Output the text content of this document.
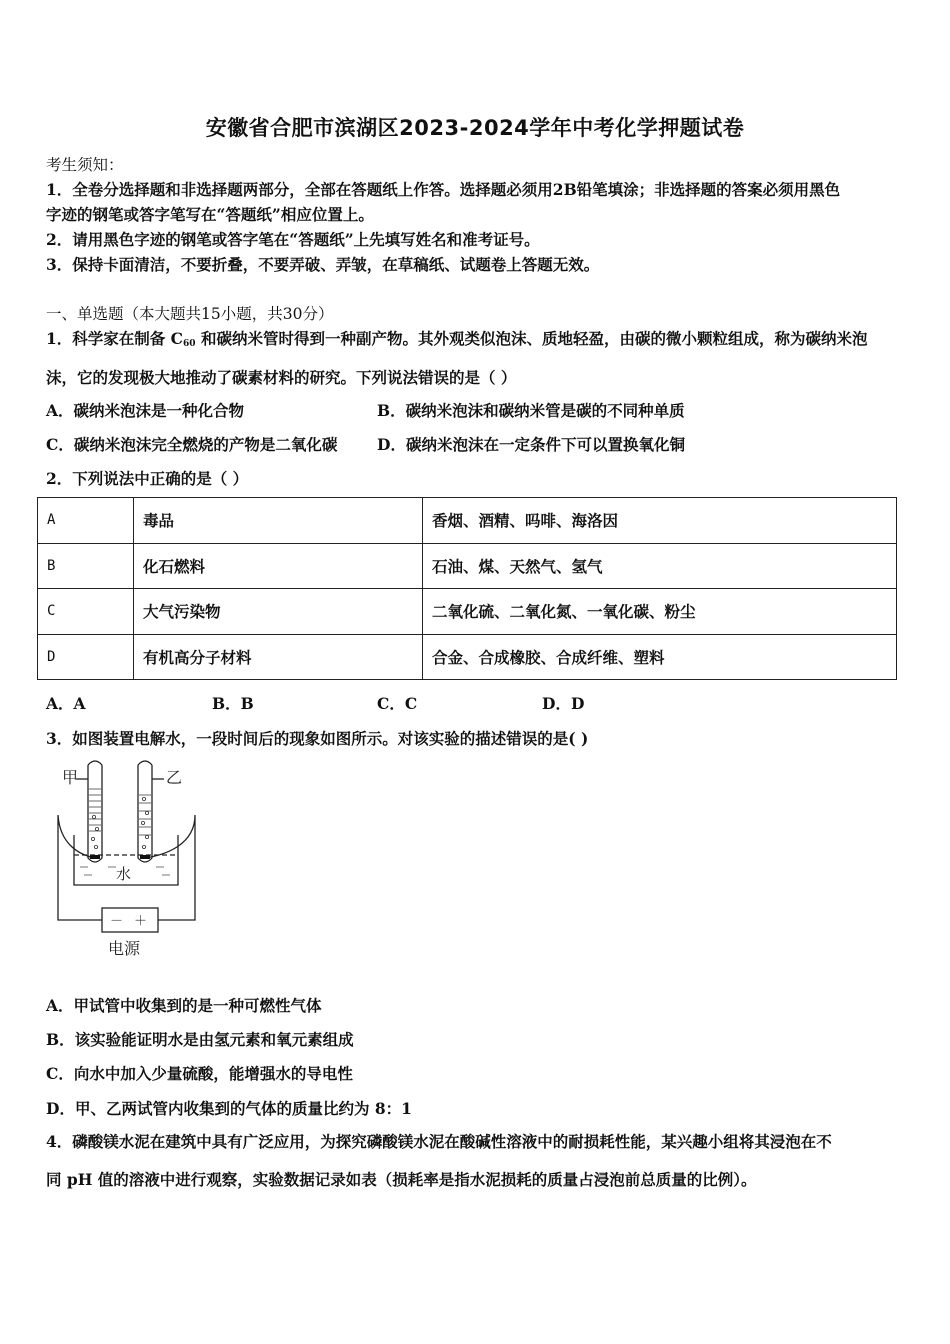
安徽省合肥市滨湖区2023-2024学年中考化学押题试卷
考生须知：
1．全卷分选择题和非选择题两部分，全部在答题纸上作答。选择题必须用2B铅笔填涂；非选择题的答案必须用黑色
字迹的钢笔或答字笔写在“答题纸”相应位置上。
2．请用黑色字迹的钢笔或答字笔在“答题纸”上先填写姓名和准考证号。
3．保持卡面清洁，不要折叠，不要弄破、弄皱，在草稿纸、试题卷上答题无效。
一、单选题（本大题共15小题，共30分）
1．科学家在制备 $C_{60}$ 和碳纳米管时得到一种副产物。其外观类似泡沫、质地轻盈，由碳的微小颗粒组成，称为碳纳米泡
沫，它的发现极大地推动了碳素材料的研究。下列说法错误的是（ ）
A．碳纳米泡沫是一种化合物	B．碳纳米泡沫和碳纳米管是碳的不同种单质
C．碳纳米泡沫完全燃烧的产物是二氧化碳	D．碳纳米泡沫在一定条件下可以置换氧化铜
2．下列说法中正确的是（ ）
A	毒品	香烟、酒精、吗啡、海洛因
B	化石燃料	石油、煤、天然气、氢气
C	大气污染物	二氧化硫、二氧化氮、一氧化碳、粉尘
D	有机高分子材料	合金、合成橡胶、合成纤维、塑料
A．A	B．B	C．C	D．D
3．如图装置电解水，一段时间后的现象如图所示。对该实验的描述错误的是( )
甲	乙
水
－ ＋
电源
A．甲试管中收集到的是一种可燃性气体
B．该实验能证明水是由氢元素和氧元素组成
C．向水中加入少量硫酸，能增强水的导电性
D．甲、乙两试管内收集到的气体的质量比约为 8：1
4．磷酸镁水泥在建筑中具有广泛应用，为探究磷酸镁水泥在酸碱性溶液中的耐损耗性能，某兴趣小组将其浸泡在不
同 pH 值的溶液中进行观察，实验数据记录如表（损耗率是指水泥损耗的质量占浸泡前总质量的比例）。
